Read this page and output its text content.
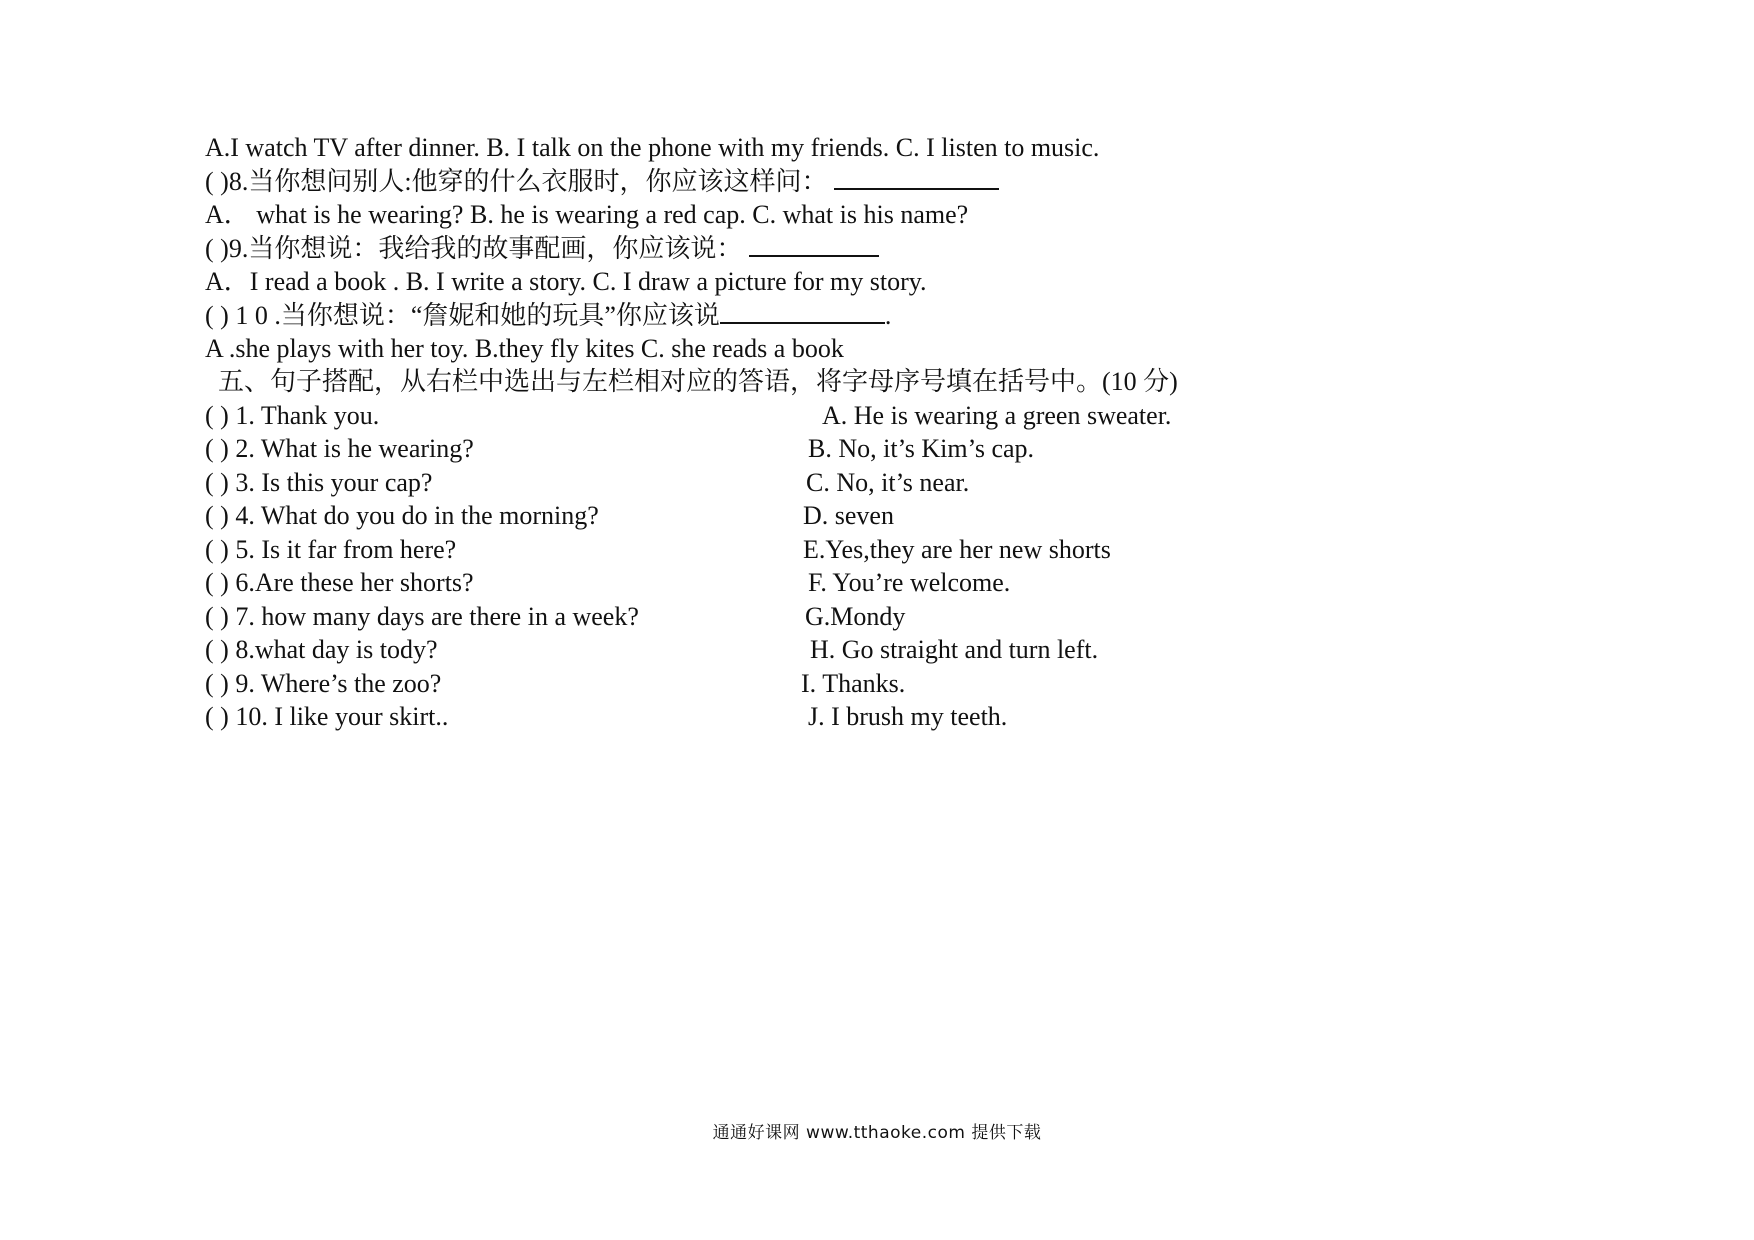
A.I watch TV after dinner. B. I talk on the phone with my friends. C. I listen to music.
( )8.当你想问别人:他穿的什么衣服时，你应该这样问：
A． what is he wearing? B. he is wearing a red cap. C. what is his name?
( )9.当你想说：我给我的故事配画，你应该说：
A．I read a book . B. I write a story. C. I draw a picture for my story.
( ) 1 0 .当你想说：“詹妮和她的玩具”你应该说	.
A .she plays with her toy. B.they fly kites C. she reads a book
五、句子搭配，从右栏中选出与左栏相对应的答语，将字母序号填在括号中。(10 分)
( ) 1. Thank you.
( ) 2. What is he wearing?
( ) 3. Is this your cap?
( ) 4. What do you do in the morning?
( ) 5. Is it far from here?
( ) 6.Are these her shorts?
( ) 7. how many days are there in a week?
( ) 8.what day is tody?
( ) 9. Where’s the zoo?
( ) 10. I like your skirt..
A. He is wearing a green sweater.
B. No, it’s Kim’s cap.
C. No, it’s near.
D. seven
E.Yes,they are her new shorts
F. You’re welcome.
G.Mondy
H. Go straight and turn left.
I. Thanks.
J. I brush my teeth.
通通好课网 www.tthaoke.com 提供下载
